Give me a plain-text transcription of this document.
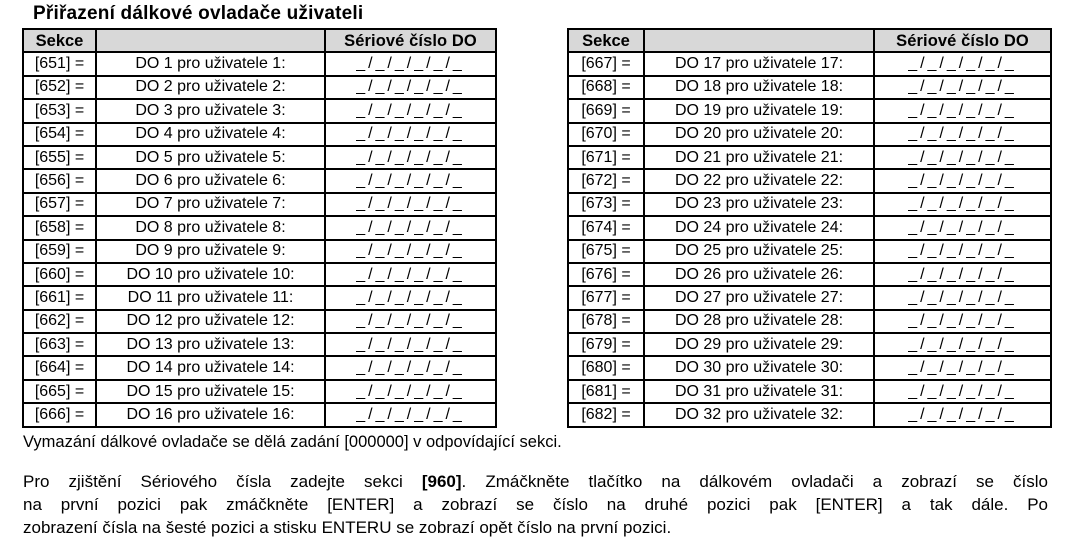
Přiřazení dálkové ovladače uživateli
Sekce		Sériové číslo DO
[651] =	DO 1 pro uživatele 1:	_/_/_/_/_/_
[652] =	DO 2 pro uživatele 2:	_/_/_/_/_/_
[653] =	DO 3 pro uživatele 3:	_/_/_/_/_/_
[654] =	DO 4 pro uživatele 4:	_/_/_/_/_/_
[655] =	DO 5 pro uživatele 5:	_/_/_/_/_/_
[656] =	DO 6 pro uživatele 6:	_/_/_/_/_/_
[657] =	DO 7 pro uživatele 7:	_/_/_/_/_/_
[658] =	DO 8 pro uživatele 8:	_/_/_/_/_/_
[659] =	DO 9 pro uživatele 9:	_/_/_/_/_/_
[660] =	DO 10 pro uživatele 10:	_/_/_/_/_/_
[661] =	DO 11 pro uživatele 11:	_/_/_/_/_/_
[662] =	DO 12 pro uživatele 12:	_/_/_/_/_/_
[663] =	DO 13 pro uživatele 13:	_/_/_/_/_/_
[664] =	DO 14 pro uživatele 14:	_/_/_/_/_/_
[665] =	DO 15 pro uživatele 15:	_/_/_/_/_/_
[666] =	DO 16 pro uživatele 16:	_/_/_/_/_/_
Sekce		Sériové číslo DO
[667] =	DO 17 pro uživatele 17:	_/_/_/_/_/_
[668] =	DO 18 pro uživatele 18:	_/_/_/_/_/_
[669] =	DO 19 pro uživatele 19:	_/_/_/_/_/_
[670] =	DO 20 pro uživatele 20:	_/_/_/_/_/_
[671] =	DO 21 pro uživatele 21:	_/_/_/_/_/_
[672] =	DO 22 pro uživatele 22:	_/_/_/_/_/_
[673] =	DO 23 pro uživatele 23:	_/_/_/_/_/_
[674] =	DO 24 pro uživatele 24:	_/_/_/_/_/_
[675] =	DO 25 pro uživatele 25:	_/_/_/_/_/_
[676] =	DO 26 pro uživatele 26:	_/_/_/_/_/_
[677] =	DO 27 pro uživatele 27:	_/_/_/_/_/_
[678] =	DO 28 pro uživatele 28:	_/_/_/_/_/_
[679] =	DO 29 pro uživatele 29:	_/_/_/_/_/_
[680] =	DO 30 pro uživatele 30:	_/_/_/_/_/_
[681] =	DO 31 pro uživatele 31:	_/_/_/_/_/_
[682] =	DO 32 pro uživatele 32:	_/_/_/_/_/_

Vymazání dálkové ovladače se dělá zadání [000000] v odpovídající sekci.

Pro zjištění Sériového čísla zadejte sekci [960]. Zmáčkněte tlačítko na dálkovém ovladači a zobrazí se číslo
na první pozici pak zmáčkněte [ENTER] a zobrazí se číslo na druhé pozici pak [ENTER] a tak dále. Po
zobrazení čísla na šesté pozici a stisku ENTERU se zobrazí opět číslo na první pozici.
